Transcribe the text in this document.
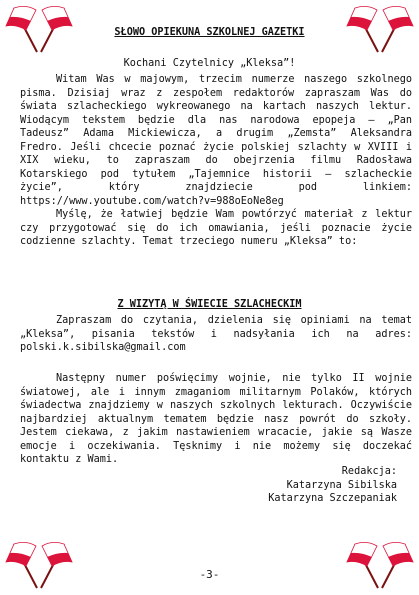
SŁOWO OPIEKUNA SZKOLNEJ GAZETKI
Kochani Czytelnicy „Kleksa”!

Witam Was w majowym, trzecim numerze naszego szkolnego pisma. Dzisiaj wraz z zespołem redaktorów zapraszam Was do świata szlacheckiego wykreowanego na kartach naszych lektur. Wiodącym tekstem będzie dla nas narodowa epopeja – „Pan Tadeusz” Adama Mickiewicza, a drugim „Zemsta” Aleksandra Fredro. Jeśli chcecie poznać życie polskiej szlachty w XVIII i XIX wieku, to zapraszam do obejrzenia filmu Radosława Kotarskiego pod tytułem „Tajemnice historii – szlacheckie życie”, który znajdziecie pod linkiem: https://www.youtube.com/watch?v=988oEoNe8eg

Myślę, że łatwiej będzie Wam powtórzyć materiał z lektur czy przygotować się do ich omawiania, jeśli poznacie życie codzienne szlachty. Temat trzeciego numeru „Kleksa” to:

Z WIZYTĄ W ŚWIECIE SZLACHECKIM

Zapraszam do czytania, dzielenia się opiniami na temat „Kleksa”, pisania tekstów i nadsyłania ich na adres: polski.k.sibilska@gmail.com

Następny numer poświęcimy wojnie, nie tylko II wojnie światowej, ale i innym zmaganiom militarnym Polaków, których świadectwa znajdziemy w naszych szkolnych lekturach. Oczywiście najbardziej aktualnym tematem będzie nasz powrót do szkoły. Jestem ciekawa, z jakim nastawieniem wracacie, jakie są Wasze emocje i oczekiwania. Tęsknimy i nie możemy się doczekać kontaktu z Wami.

Redakcja:
Katarzyna Sibilska
Katarzyna Szczepaniak
-3-
